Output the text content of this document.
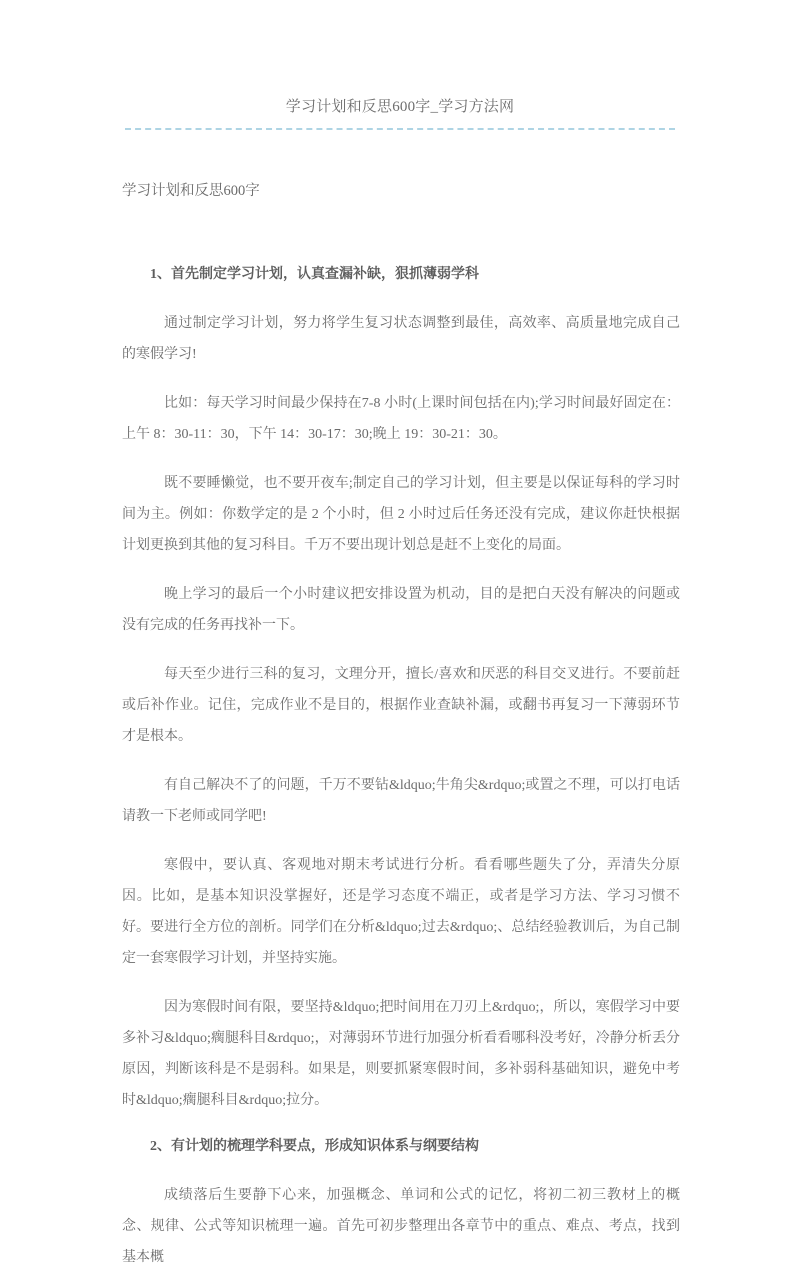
学习计划和反思600字_学习方法网

学习计划和反思600字

1、首先制定学习计划，认真查漏补缺，狠抓薄弱学科

通过制定学习计划，努力将学生复习状态调整到最佳，高效率、高质量地完成自己的寒假学习!

比如：每天学习时间最少保持在7-8 小时(上课时间包括在内);学习时间最好固定在：上午 8：30-11：30，下午 14：30-17：30;晚上 19：30-21：30。

既不要睡懒觉，也不要开夜车;制定自己的学习计划，但主要是以保证每科的学习时间为主。例如：你数学定的是 2 个小时，但 2 小时过后任务还没有完成，建议你赶快根据计划更换到其他的复习科目。千万不要出现计划总是赶不上变化的局面。

晚上学习的最后一个小时建议把安排设置为机动，目的是把白天没有解决的问题或没有完成的任务再找补一下。

每天至少进行三科的复习，文理分开，擅长/喜欢和厌恶的科目交叉进行。不要前赶或后补作业。记住，完成作业不是目的，根据作业查缺补漏，或翻书再复习一下薄弱环节才是根本。

有自己解决不了的问题，千万不要钻&ldquo;牛角尖&rdquo;或置之不理，可以打电话请教一下老师或同学吧!

寒假中，要认真、客观地对期末考试进行分析。看看哪些题失了分，弄清失分原因。比如，是基本知识没掌握好，还是学习态度不端正，或者是学习方法、学习习惯不好。要进行全方位的剖析。同学们在分析&ldquo;过去&rdquo;、总结经验教训后，为自己制定一套寒假学习计划，并坚持实施。

因为寒假时间有限，要坚持&ldquo;把时间用在刀刃上&rdquo;，所以，寒假学习中要多补习&ldquo;瘸腿科目&rdquo;，对薄弱环节进行加强分析看看哪科没考好，冷静分析丢分原因，判断该科是不是弱科。如果是，则要抓紧寒假时间，多补弱科基础知识，避免中考时&ldquo;瘸腿科目&rdquo;拉分。

2、有计划的梳理学科要点，形成知识体系与纲要结构

成绩落后生要静下心来，加强概念、单词和公式的记忆，将初二初三教材上的概念、规律、公式等知识梳理一遍。首先可初步整理出各章节中的重点、难点、考点，找到基本概
